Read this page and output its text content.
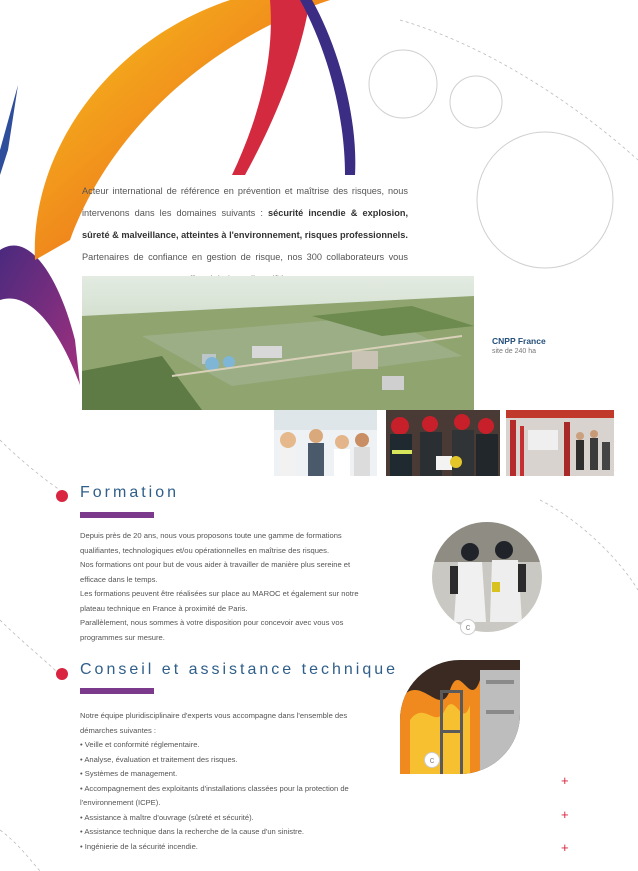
Acteur international de référence en prévention et maîtrise des risques, nous intervenons dans les domaines suivants : sécurité incendie & explosion, sûreté & malveillance, atteintes à l'environnement, risques professionnels.

Partenaires de confiance en gestion de risque, nos 300 collaborateurs vous

CNPP France
site de 240 ha
Formation

Depuis près de 20 ans, nous vous proposons toute une gamme de formations

qualifiantes, technologiques et/ou opérationnelles en maîtrise des risques.

Nos formations ont pour but de vous aider à travailler de manière plus sereine et

efficace dans le temps.

Les formations peuvent être réalisées sur place au MAROC et également sur notre

plateau technique en France à proximité de Paris.

Parallèlement, nous sommes à votre disposition pour concevoir avec vous vos

programmes sur mesure.

c
Conseil et assistance technique

Notre équipe pluridisciplinaire d'experts vous accompagne dans l'ensemble des

démarches suivantes :

• Veille et conformité réglementaire.

• Analyse, évaluation et traitement des risques.

• Systèmes de management.

• Accompagnement des exploitants d'installations classées pour la protection de

l'environnement (ICPE).

• Assistance à maître d'ouvrage (sûreté et sécurité).

• Assistance technique dans la recherche de la cause d'un sinistre.

• Ingénierie de la sécurité incendie.

c
+
+
+
